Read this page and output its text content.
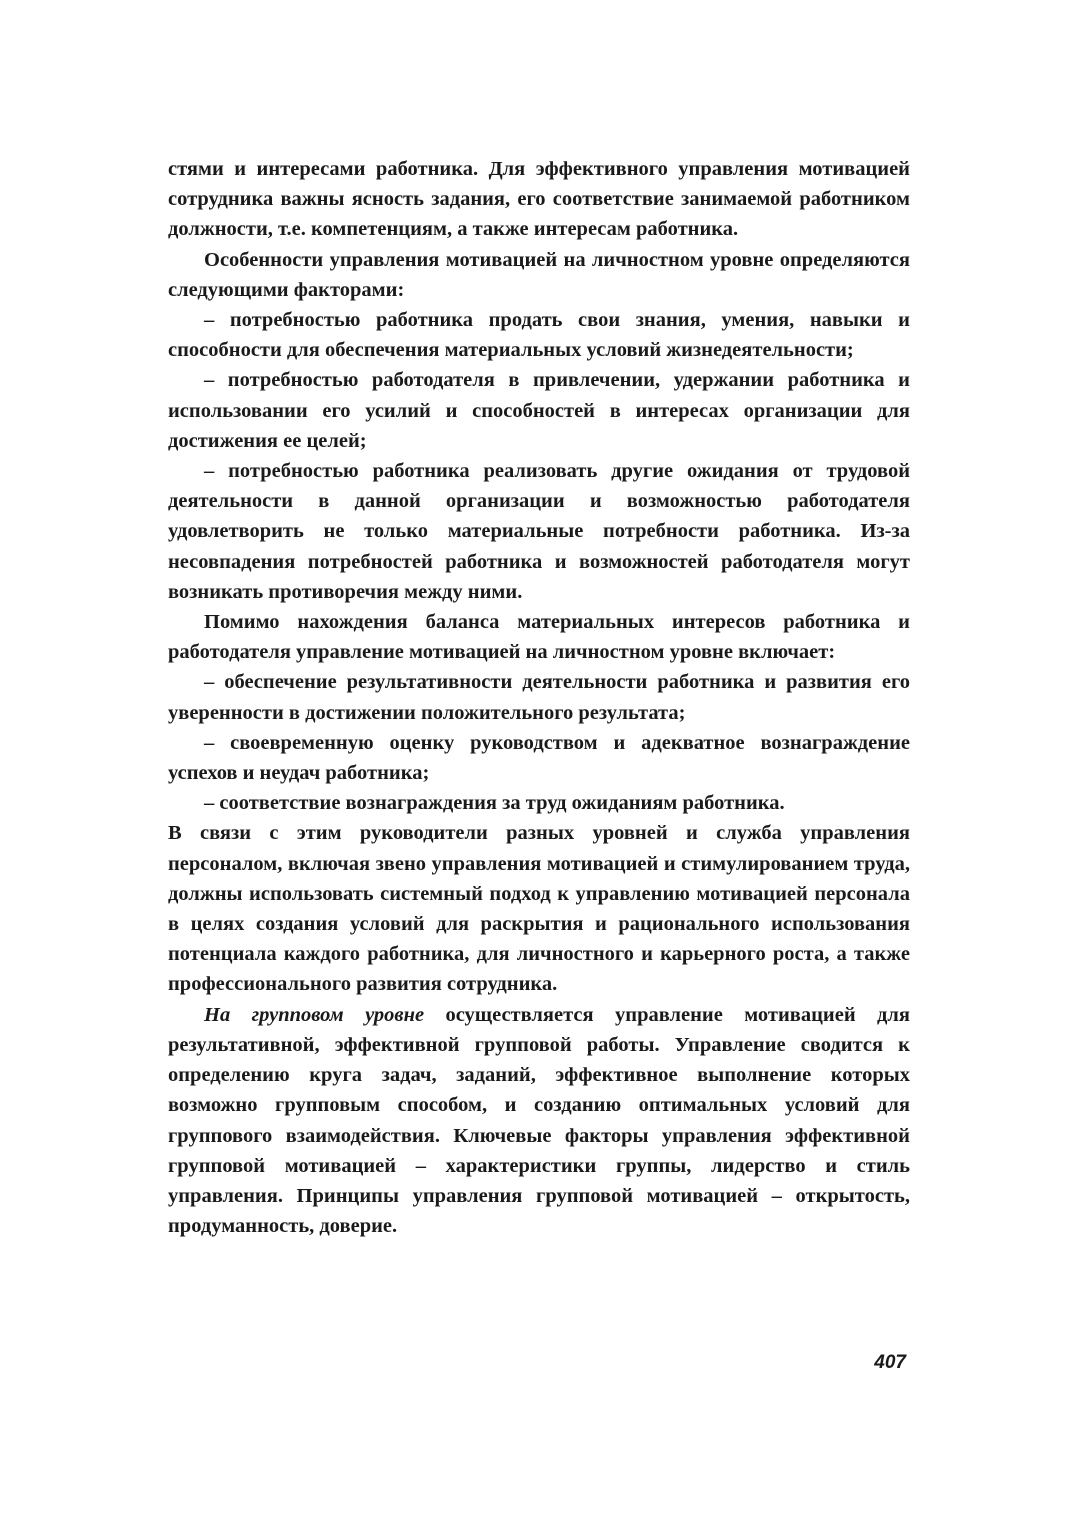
стями и интересами работника. Для эффективного управления мотивацией сотрудника важны ясность задания, его соответствие занимаемой работником должности, т.е. компетенциям, а также интересам работника.

Особенности управления мотивацией на личностном уровне определяются следующими факторами:

– потребностью работника продать свои знания, умения, навыки и способности для обеспечения материальных условий жизнедеятельности;

– потребностью работодателя в привлечении, удержании работника и использовании его усилий и способностей в интересах организации для достижения ее целей;

– потребностью работника реализовать другие ожидания от трудовой деятельности в данной организации и возможностью работодателя удовлетворить не только материальные потребности работника. Из-за несовпадения потребностей работника и возможностей работодателя могут возникать противоречия между ними.

Помимо нахождения баланса материальных интересов работника и работодателя управление мотивацией на личностном уровне включает:

– обеспечение результативности деятельности работника и развития его уверенности в достижении положительного результата;

– своевременную оценку руководством и адекватное вознаграждение успехов и неудач работника;

– соответствие вознаграждения за труд ожиданиям работника.

В связи с этим руководители разных уровней и служба управления персоналом, включая звено управления мотивацией и стимулированием труда, должны использовать системный подход к управлению мотивацией персонала в целях создания условий для раскрытия и рационального использования потенциала каждого работника, для личностного и карьерного роста, а также профессионального развития сотрудника.

На групповом уровне осуществляется управление мотивацией для результативной, эффективной групповой работы. Управление сводится к определению круга задач, заданий, эффективное выполнение которых возможно групповым способом, и созданию оптимальных условий для группового взаимодействия. Ключевые факторы управления эффективной групповой мотивацией – характеристики группы, лидерство и стиль управления. Принципы управления групповой мотивацией – открытость, продуманность, доверие.

407
